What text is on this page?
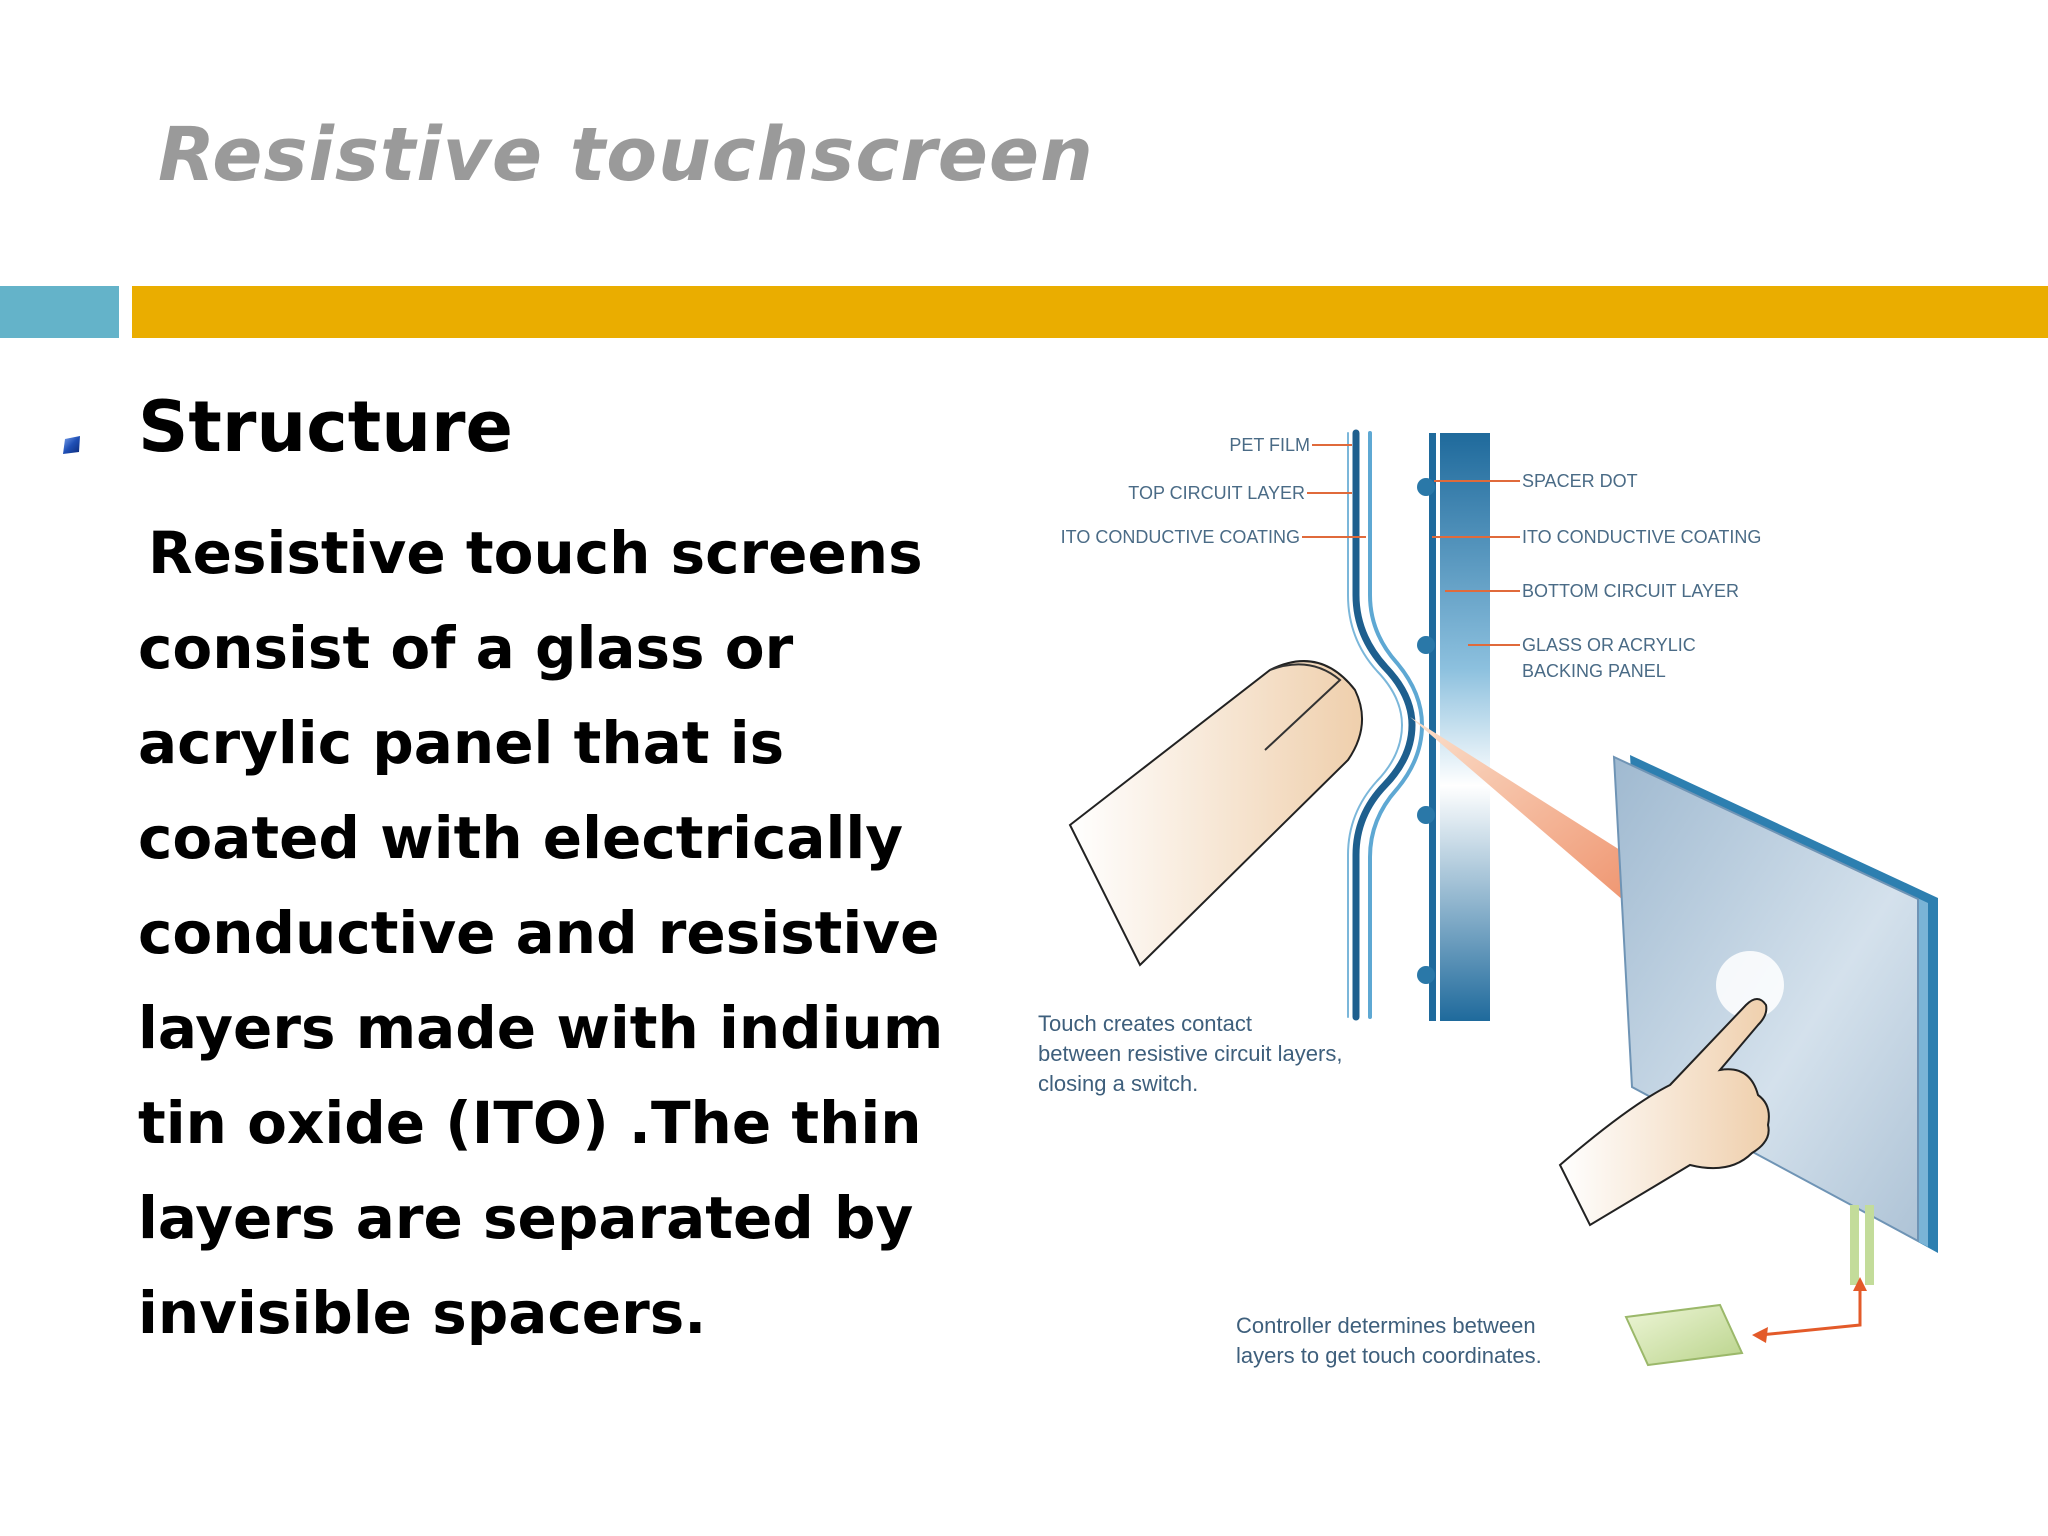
Resistive touchscreen
Structure
Resistive touch screens
consist of a glass or
acrylic panel that is
coated with electrically
conductive and resistive
layers made with indium
tin oxide (ITO) .The thin
layers are separated by
invisible spacers.
PET FILM
TOP CIRCUIT LAYER
ITO CONDUCTIVE COATING
SPACER DOT
ITO CONDUCTIVE COATING
BOTTOM CIRCUIT LAYER
GLASS OR ACRYLIC
BACKING PANEL
Touch creates contact
between resistive circuit layers,
closing a switch.
Controller determines between
layers to get touch coordinates.
